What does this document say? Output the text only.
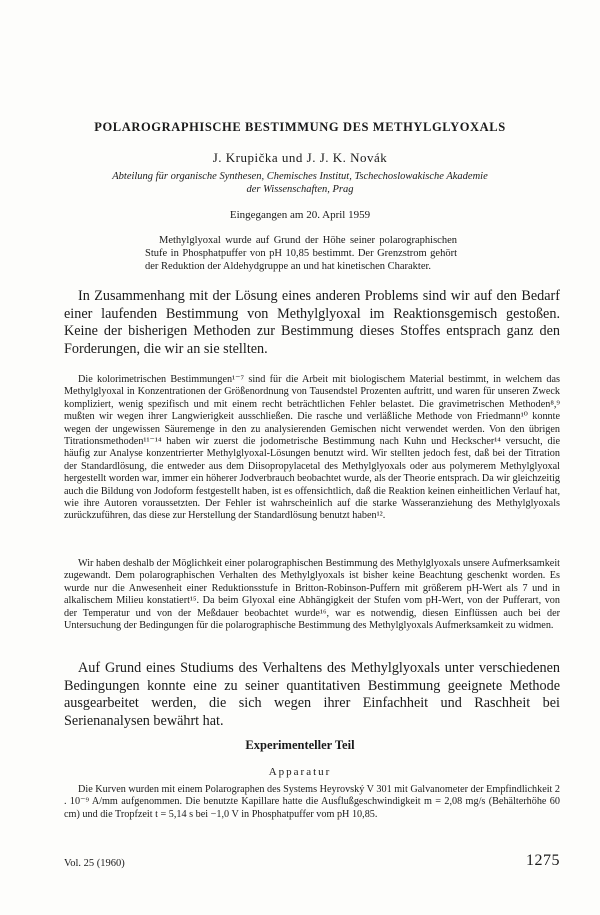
POLAROGRAPHISCHE BESTIMMUNG DES METHYLGLYOXALS
J. Krupička und J. J. K. Novák
Abteilung für organische Synthesen, Chemisches Institut, Tschechoslowakische Akademie der Wissenschaften, Prag
Eingegangen am 20. April 1959
Methylglyoxal wurde auf Grund der Höhe seiner polarographischen Stufe in Phosphatpuffer von pH 10,85 bestimmt. Der Grenzstrom gehört der Reduktion der Aldehydgruppe an und hat kinetischen Charakter.
In Zusammenhang mit der Lösung eines anderen Problems sind wir auf den Bedarf einer laufenden Bestimmung von Methylglyoxal im Reaktionsgemisch gestoßen. Keine der bisherigen Methoden zur Bestimmung dieses Stoffes entsprach ganz den Forderungen, die wir an sie stellten.
Die kolorimetrischen Bestimmungen¹⁻⁷ sind für die Arbeit mit biologischem Material bestimmt, in welchem das Methylglyoxal in Konzentrationen der Größenordnung von Tausendstel Prozenten auftritt, und waren für unseren Zweck kompliziert, wenig spezifisch und mit einem recht beträchtlichen Fehler belastet. Die gravimetrischen Methoden⁸,⁹ mußten wir wegen ihrer Langwierigkeit ausschließen. Die rasche und verläßliche Methode von Friedmann¹⁰ konnte wegen der ungewissen Säuremenge in den zu analysierenden Gemischen nicht verwendet werden. Von den übrigen Titrationsmethoden¹¹⁻¹⁴ haben wir zuerst die jodometrische Bestimmung nach Kuhn und Heckscher¹⁴ versucht, die häufig zur Analyse konzentrierter Methylglyoxal-Lösungen benutzt wird. Wir stellten jedoch fest, daß bei der Titration der Standardlösung, die entweder aus dem Diisopropylacetal des Methylglyoxals oder aus polymerem Methylglyoxal hergestellt worden war, immer ein höherer Jodverbrauch beobachtet wurde, als der Theorie entsprach. Da wir gleichzeitig auch die Bildung von Jodoform festgestellt haben, ist es offensichtlich, daß die Reaktion keinen einheitlichen Verlauf hat, wie ihre Autoren voraussetzten. Der Fehler ist wahrscheinlich auf die starke Wasseranziehung des Methylglyoxals zurückzuführen, das diese zur Herstellung der Standardlösung benutzt haben¹².
Wir haben deshalb der Möglichkeit einer polarographischen Bestimmung des Methylglyoxals unsere Aufmerksamkeit zugewandt. Dem polarographischen Verhalten des Methylglyoxals ist bisher keine Beachtung geschenkt worden. Es wurde nur die Anwesenheit einer Reduktionsstufe in Britton-Robinson-Puffern mit größerem pH-Wert als 7 und in alkalischem Milieu konstatiert¹⁵. Da beim Glyoxal eine Abhängigkeit der Stufen vom pH-Wert, von der Pufferart, von der Temperatur und von der Meßdauer beobachtet wurde¹⁶, war es notwendig, diesen Einflüssen auch bei der Untersuchung der Bedingungen für die polarographische Bestimmung des Methylglyoxals Aufmerksamkeit zu widmen.
Auf Grund eines Studiums des Verhaltens des Methylglyoxals unter verschiedenen Bedingungen konnte eine zu seiner quantitativen Bestimmung geeignete Methode ausgearbeitet werden, die sich wegen ihrer Einfachheit und Raschheit bei Serienanalysen bewährt hat.
Experimenteller Teil
Apparatur
Die Kurven wurden mit einem Polarographen des Systems Heyrovský V 301 mit Galvanometer der Empfindlichkeit 2 . 10⁻⁹ A/mm aufgenommen. Die benutzte Kapillare hatte die Ausflußgeschwindigkeit m = 2,08 mg/s (Behälterhöhe 60 cm) und die Tropfzeit t = 5,14 s bei −1,0 V in Phosphatpuffer vom pH 10,85.
Vol. 25 (1960)	1275
